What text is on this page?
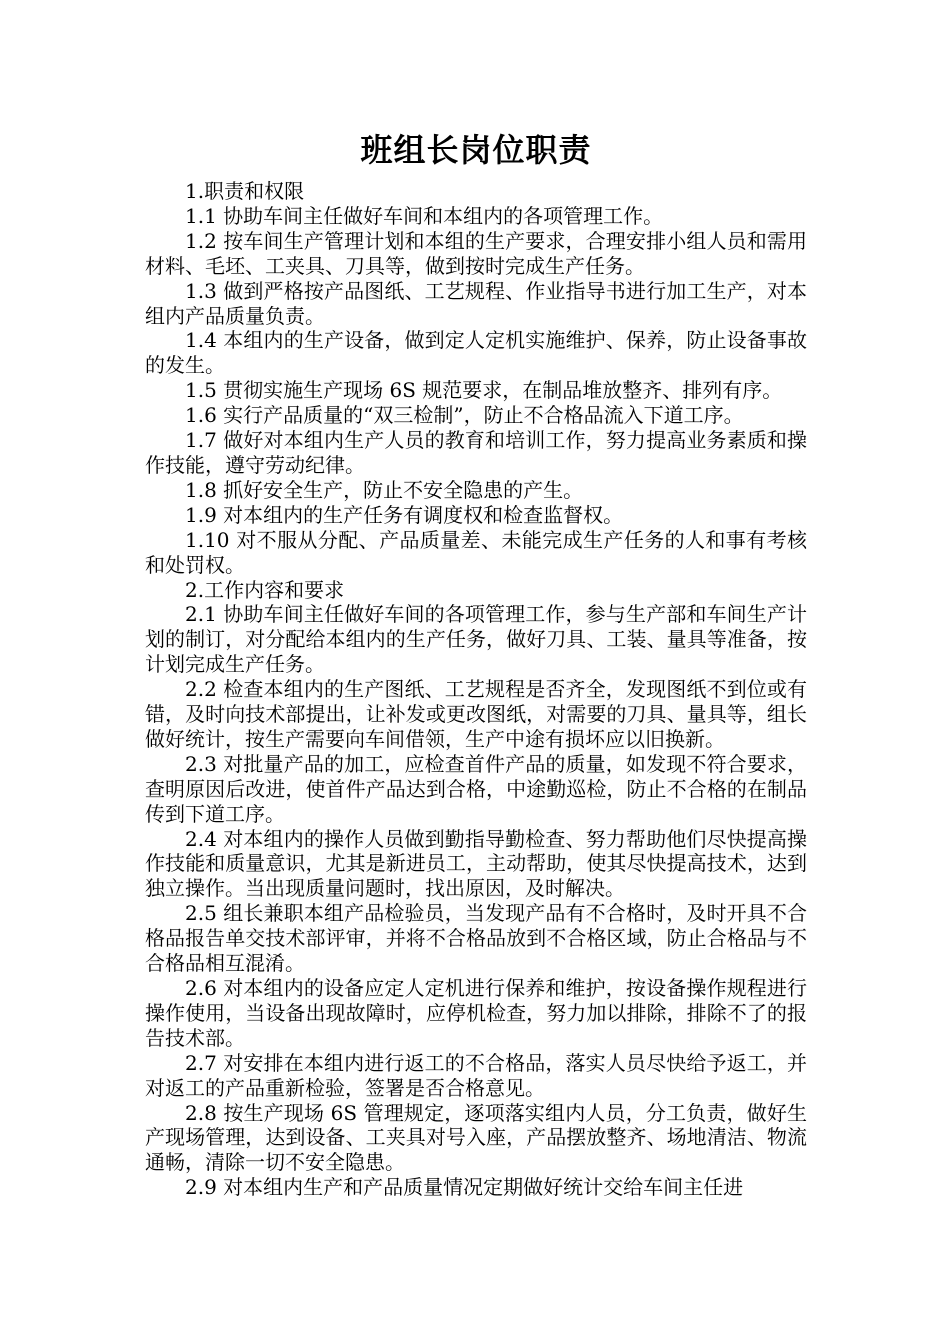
班组长岗位职责

1.职责和权限

1.1 协助车间主任做好车间和本组内的各项管理工作。

1.2 按车间生产管理计划和本组的生产要求，合理安排小组人员和需用材料、毛坯、工夹具、刀具等，做到按时完成生产任务。

1.3 做到严格按产品图纸、工艺规程、作业指导书进行加工生产，对本组内产品质量负责。

1.4 本组内的生产设备，做到定人定机实施维护、保养，防止设备事故的发生。

1.5 贯彻实施生产现场 6S 规范要求，在制品堆放整齐、排列有序。

1.6 实行产品质量的“双三检制”，防止不合格品流入下道工序。

1.7 做好对本组内生产人员的教育和培训工作，努力提高业务素质和操作技能，遵守劳动纪律。

1.8 抓好安全生产，防止不安全隐患的产生。

1.9 对本组内的生产任务有调度权和检查监督权。

1.10 对不服从分配、产品质量差、未能完成生产任务的人和事有考核和处罚权。

2.工作内容和要求

2.1 协助车间主任做好车间的各项管理工作，参与生产部和车间生产计划的制订，对分配给本组内的生产任务，做好刀具、工装、量具等准备，按计划完成生产任务。

2.2 检查本组内的生产图纸、工艺规程是否齐全，发现图纸不到位或有错，及时向技术部提出，让补发或更改图纸，对需要的刀具、量具等，组长做好统计，按生产需要向车间借领，生产中途有损坏应以旧换新。

2.3 对批量产品的加工，应检查首件产品的质量，如发现不符合要求，查明原因后改进，使首件产品达到合格，中途勤巡检，防止不合格的在制品传到下道工序。

2.4 对本组内的操作人员做到勤指导勤检查、努力帮助他们尽快提高操作技能和质量意识，尤其是新进员工，主动帮助，使其尽快提高技术，达到独立操作。当出现质量问题时，找出原因，及时解决。

2.5 组长兼职本组产品检验员，当发现产品有不合格时，及时开具不合格品报告单交技术部评审，并将不合格品放到不合格区域，防止合格品与不合格品相互混淆。

2.6 对本组内的设备应定人定机进行保养和维护，按设备操作规程进行操作使用，当设备出现故障时，应停机检查，努力加以排除，排除不了的报告技术部。

2.7 对安排在本组内进行返工的不合格品，落实人员尽快给予返工，并对返工的产品重新检验，签署是否合格意见。

2.8 按生产现场 6S 管理规定，逐项落实组内人员，分工负责，做好生产现场管理，达到设备、工夹具对号入座，产品摆放整齐、场地清洁、物流通畅，清除一切不安全隐患。

2.9 对本组内生产和产品质量情况定期做好统计交给车间主任进
